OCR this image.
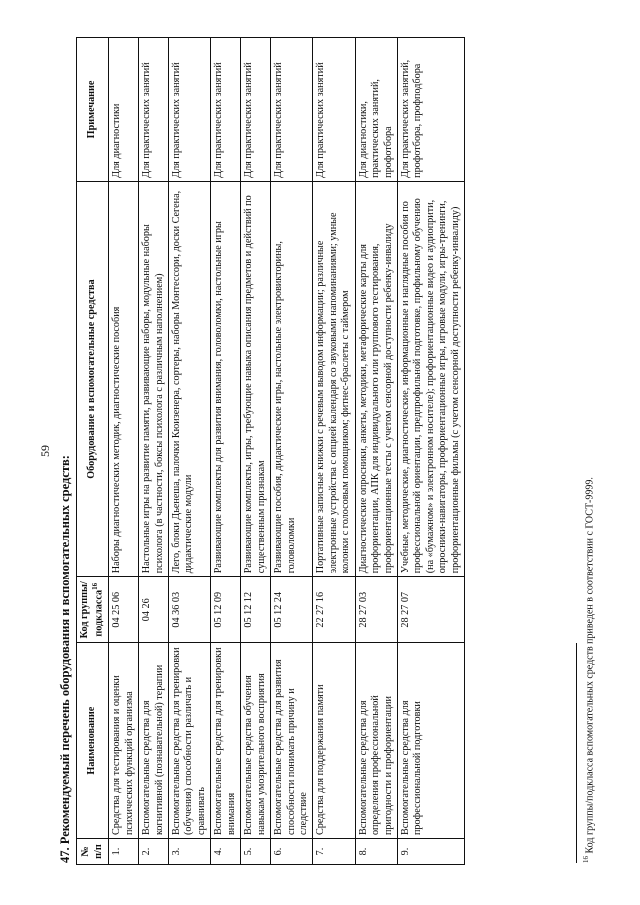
59
47. Рекомендуемый перечень оборудования и вспомогательных средств: № п/п	Наименование	Код группы/ подкласса$^{16}$	Оборудование и вспомогательные средства	Примечание
1.	Средства для тестирования и оценки психических функций организма	04 25 06	Наборы диагностических методик, диагностические пособия	Для диагностики
2.	Вспомогательные средства для когнитивной (познавательной) терапии	04 26	Настольные игры на развитие памяти, развивающие наборы, модульные наборы психолога (в частности, боксы психолога с различным наполнением)	Для практических занятий
3.	Вспомогательные средства для тренировки (обучения) способности различать и сравнивать	04 36 03	Лего, блоки Дьенеша, палочки Кюизенера, сортеры, наборы Монтессори, доски Сегена, дидактические модули	Для практических занятий
4.	Вспомогательные средства для тренировки внимания	05 12 09	Развивающие комплекты для развития внимания, головоломки, настольные игры	Для практических занятий
5.	Вспомогательные средства обучения навыкам умозрительного восприятия	05 12 12	Развивающие комплекты, игры, требующие навыка описания предметов и действий по существенным признакам	Для практических занятий
6.	Вспомогательные средства для развития способности понимать причину и следствие	05 12 24	Развивающие пособия, дидактические игры, настольные электровикторины, головоломки	Для практических занятий
7.	Средства для поддержания памяти	22 27 16	Портативные записные книжки с речевым выводом информации; различные электронные устройства с опцией календаря со звуковыми напоминаниями; умные колонки с голосовым помощником; фитнес-браслеты с таймером	Для практических занятий
8.	Вспомогательные средства для определения профессиональной пригодности и профориентации	28 27 03	Диагностические опросники, анкеты, методики, метафорические карты для профориентации, АПК для индивидуального или группового тестирования, профориентационные тесты с учетом сенсорной доступности ребенку-инвалиду	Для диагностики, практических занятий, профотбора
9.	Вспомогательные средства для профессиональной подготовки	28 27 07	Учебные, методические, диагностические, информационные и наглядные пособия по профессиональной ориентации, предпрофильной подготовке, профильному обучению (на «бумажном» и электронном носителе); профориентационные видео и аудиоприти, опросники-навигаторы, профориентационные игры, игровые модули, игры-тренинги, профориентационные фильмы (с учетом сенсорной доступности ребенку-инвалиду)	Для практических занятий, профотбора, профподбора
$^{16}$ Код группы/подкласса вспомогательных средств приведен в соответствии с ГОСТ-9999.
